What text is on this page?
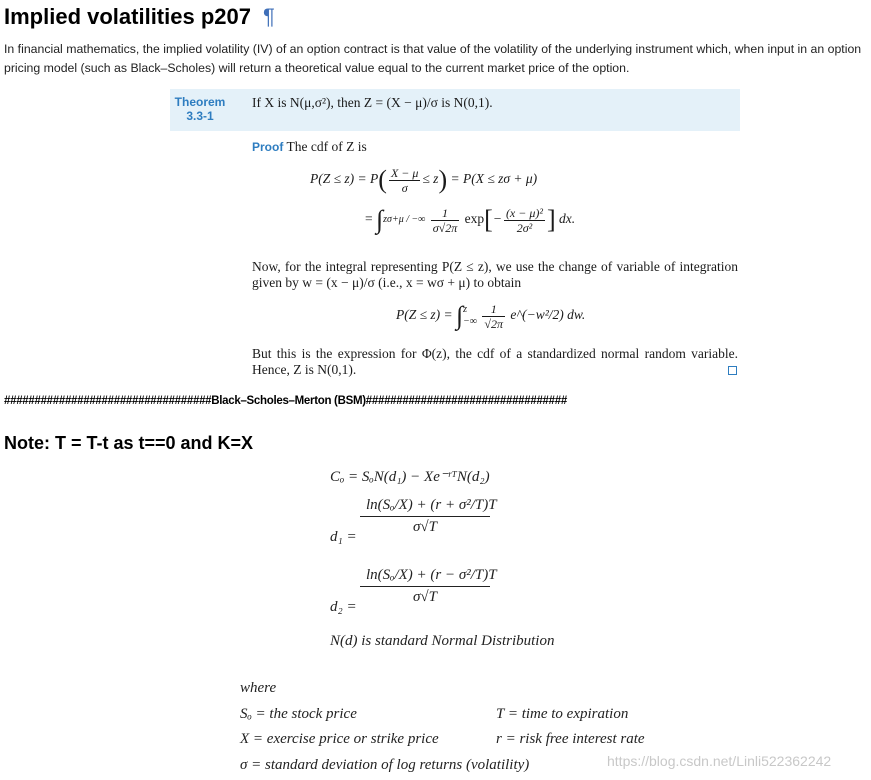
Implied volatilities p207 ¶
In financial mathematics, the implied volatility (IV) of an option contract is that value of the volatility of the underlying instrument which, when input in an option pricing model (such as Black–Scholes) will return a theoretical value equal to the current market price of the option.
Theorem
3.3-1
If X is N(μ,σ²), then Z = (X − μ)/σ is N(0,1).
Proof The cdf of Z is
$P(Z \le z) = P( \frac{X - \mu}{\sigma} \le z) = P(X \le z\sigma + \mu)$
= ∫zσ+μ / −∞ $\frac{1}{\sigma√2\pi} \exp[- \frac{\text{(x − μ)²}}{\text{2σ²}}$ ] dx.
Now, for the integral representing P(Z ≤ z), we use the change of variable of integration given by w = (x − μ)/σ (i.e., x = wσ + μ) to obtain
P(Z ≤ z) = ∫ z
−∞
$\frac{1}{√2\pi}$ e^(−w²/2) dw.
But this is the expression for Φ(z), the cdf of a standardized normal random variable. Hence, Z is N(0,1).
##################################Black–Scholes–Merton (BSM)#################################
Note: T = T-t as t==0 and K=X
Cₒ = SₒN(d₁) − Xe⁻ʳᵀN(d₂)
d₁ =
$\frac{\text{ln(Sₒ/X) + (r + σ²/T)T}}{\sigma√T}$
d₂ =
$\frac{\text{ln(Sₒ/X) + (r − σ²/T)T}}{\sigma√T}$
N(d) is standard Normal Distribution
where
Sₒ = the stock price	T = time to expiration
X = exercise price or strike price	r = risk free interest rate
σ = standard deviation of log returns (volatility)	https://blog.csdn.net/Linli522362242
